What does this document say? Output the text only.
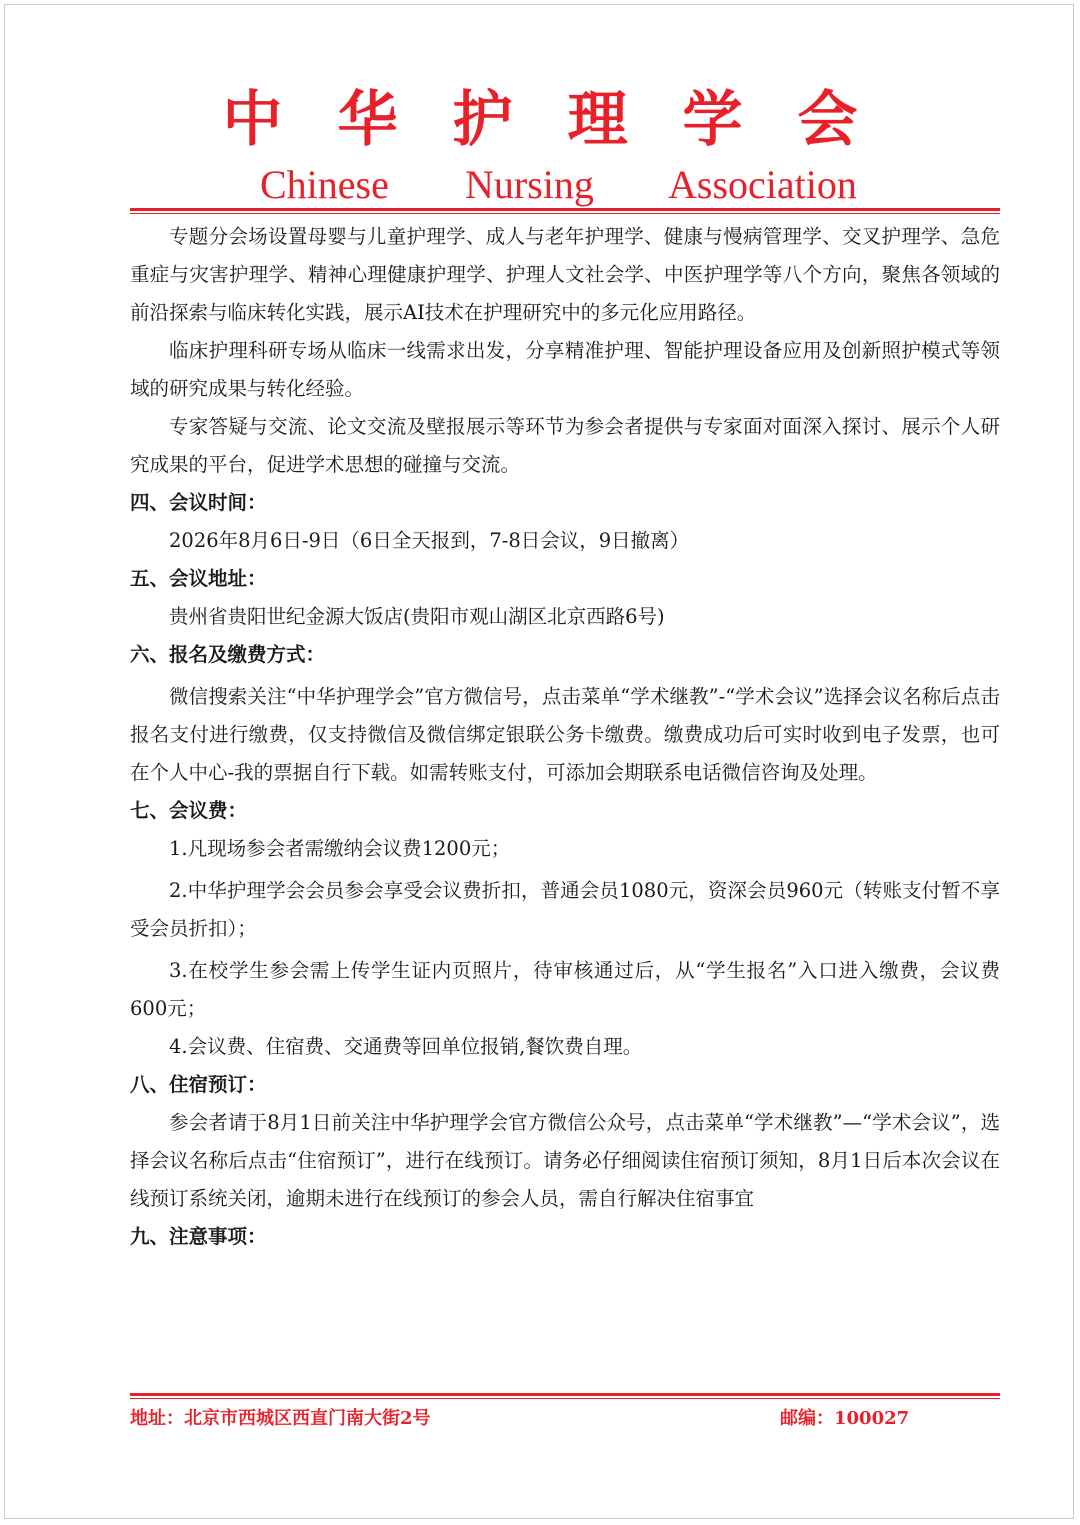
中 华 护 理 学 会
Chinese Nursing Association

专题分会场设置母婴与儿童护理学、成人与老年护理学、健康与慢病管理学、交叉护理学、急危重症与灾害护理学、精神心理健康护理学、护理人文社会学、中医护理学等八个方向，聚焦各领域的前沿探索与临床转化实践，展示AI技术在护理研究中的多元化应用路径。

临床护理科研专场从临床一线需求出发，分享精准护理、智能护理设备应用及创新照护模式等领域的研究成果与转化经验。

专家答疑与交流、论文交流及壁报展示等环节为参会者提供与专家面对面深入探讨、展示个人研究成果的平台，促进学术思想的碰撞与交流。

四、会议时间：

2026年8月6日-9日（6日全天报到，7-8日会议，9日撤离）

五、会议地址：

贵州省贵阳世纪金源大饭店(贵阳市观山湖区北京西路6号)

六、报名及缴费方式：

微信搜索关注“中华护理学会”官方微信号，点击菜单“学术继教”-“学术会议”选择会议名称后点击报名支付进行缴费，仅支持微信及微信绑定银联公务卡缴费。缴费成功后可实时收到电子发票，也可在个人中心-我的票据自行下载。如需转账支付，可添加会期联系电话微信咨询及处理。

七、会议费：

1.凡现场参会者需缴纳会议费1200元；

2.中华护理学会会员参会享受会议费折扣，普通会员1080元，资深会员960元（转账支付暂不享受会员折扣）；

3.在校学生参会需上传学生证内页照片，待审核通过后，从“学生报名”入口进入缴费，会议费600元；

4.会议费、住宿费、交通费等回单位报销,餐饮费自理。

八、住宿预订：

参会者请于8月1日前关注中华护理学会官方微信公众号，点击菜单“学术继教”—“学术会议”，选择会议名称后点击“住宿预订”，进行在线预订。请务必仔细阅读住宿预订须知，8月1日后本次会议在线预订系统关闭，逾期未进行在线预订的参会人员，需自行解决住宿事宜

九、注意事项：

地址：北京市西城区西直门南大街2号	邮编：100027
